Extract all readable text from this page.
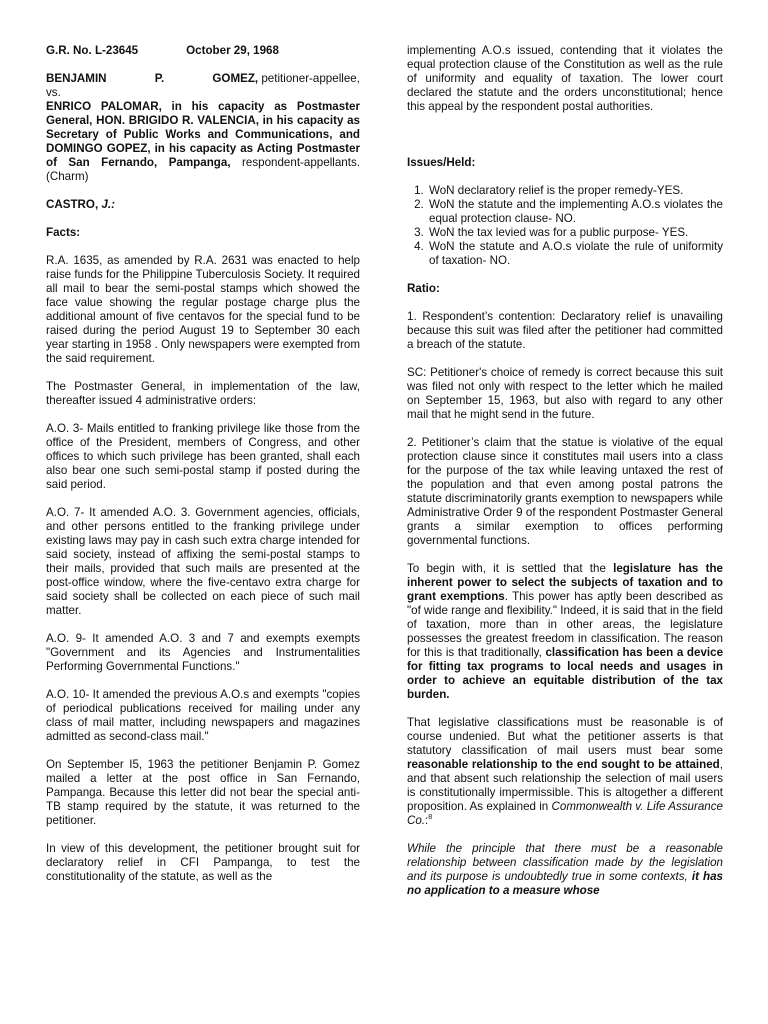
G.R. No. L-23645	October 29, 1968
BENJAMIN	P.	GOMEZ, petitioner-appellee,
vs.

ENRICO PALOMAR, in his capacity as Postmaster General, HON. BRIGIDO R. VALENCIA, in his capacity as Secretary of Public Works and Communications, and DOMINGO GOPEZ, in his capacity as Acting Postmaster of San Fernando, Pampanga, respondent-appellants. (Charm)

CASTRO, J.:

Facts:

R.A. 1635, as amended by R.A. 2631 was enacted to help raise funds for the Philippine Tuberculosis Society. It required all mail to bear the semi-postal stamps which showed the face value showing the regular postage charge plus the additional amount of five centavos for the special fund to be raised during the period August 19 to September 30 each year starting in 1958 . Only newspapers were exempted from the said requirement.

The Postmaster General, in implementation of the law, thereafter issued 4 administrative orders:

A.O. 3- Mails entitled to franking privilege like those from the office of the President, members of Congress, and other offices to which such privilege has been granted, shall each also bear one such semi-postal stamp if posted during the said period.

A.O. 7- It amended A.O. 3. Government agencies, officials, and other persons entitled to the franking privilege under existing laws may pay in cash such extra charge intended for said society, instead of affixing the semi-postal stamps to their mails, provided that such mails are presented at the post-office window, where the five-centavo extra charge for said society shall be collected on each piece of such mail matter.

A.O. 9- It amended A.O. 3 and 7 and exempts exempts "Government and its Agencies and Instrumentalities Performing Governmental Functions."

A.O. 10- It amended the previous A.O.s and exempts "copies of periodical publications received for mailing under any class of mail matter, including newspapers and magazines admitted as second-class mail."

On September I5, 1963 the petitioner Benjamin P. Gomez mailed a letter at the post office in San Fernando, Pampanga. Because this letter did not bear the special anti-TB stamp required by the statute, it was returned to the petitioner.

In view of this development, the petitioner brought suit for declaratory relief in CFI Pampanga, to test the constitutionality of the statute, as well as the

implementing A.O.s issued, contending that it violates the equal protection clause of the Constitution as well as the rule of uniformity and equality of taxation. The lower court declared the statute and the orders unconstitutional; hence this appeal by the respondent postal authorities.

Issues/Held:

1. WoN declaratory relief is the proper remedy-YES.
2. WoN the statute and the implementing A.O.s violates the equal protection clause- NO.
3. WoN the tax levied was for a public purpose- YES.
4. WoN the statute and A.O.s violate the rule of uniformity of taxation- NO.

Ratio:

1. Respondent’s contention: Declaratory relief is unavailing because this suit was filed after the petitioner had committed a breach of the statute.

SC: Petitioner's choice of remedy is correct because this suit was filed not only with respect to the letter which he mailed on September 15, 1963, but also with regard to any other mail that he might send in the future.

2. Petitioner’s claim that the statue is violative of the equal protection clause since it constitutes mail users into a class for the purpose of the tax while leaving untaxed the rest of the population and that even among postal patrons the statute discriminatorily grants exemption to newspapers while Administrative Order 9 of the respondent Postmaster General grants a similar exemption to offices performing governmental functions.

To begin with, it is settled that the legislature has the inherent power to select the subjects of taxation and to grant exemptions. This power has aptly been described as "of wide range and flexibility." Indeed, it is said that in the field of taxation, more than in other areas, the legislature possesses the greatest freedom in classification. The reason for this is that traditionally, classification has been a device for fitting tax programs to local needs and usages in order to achieve an equitable distribution of the tax burden.

That legislative classifications must be reasonable is of course undenied. But what the petitioner asserts is that statutory classification of mail users must bear some reasonable relationship to the end sought to be attained, and that absent such relationship the selection of mail users is constitutionally impermissible. This is altogether a different proposition. As explained in Commonwealth v. Life Assurance Co.:$^8$

While the principle that there must be a reasonable relationship between classification made by the legislation and its purpose is undoubtedly true in some contexts, it has no application to a measure whose
